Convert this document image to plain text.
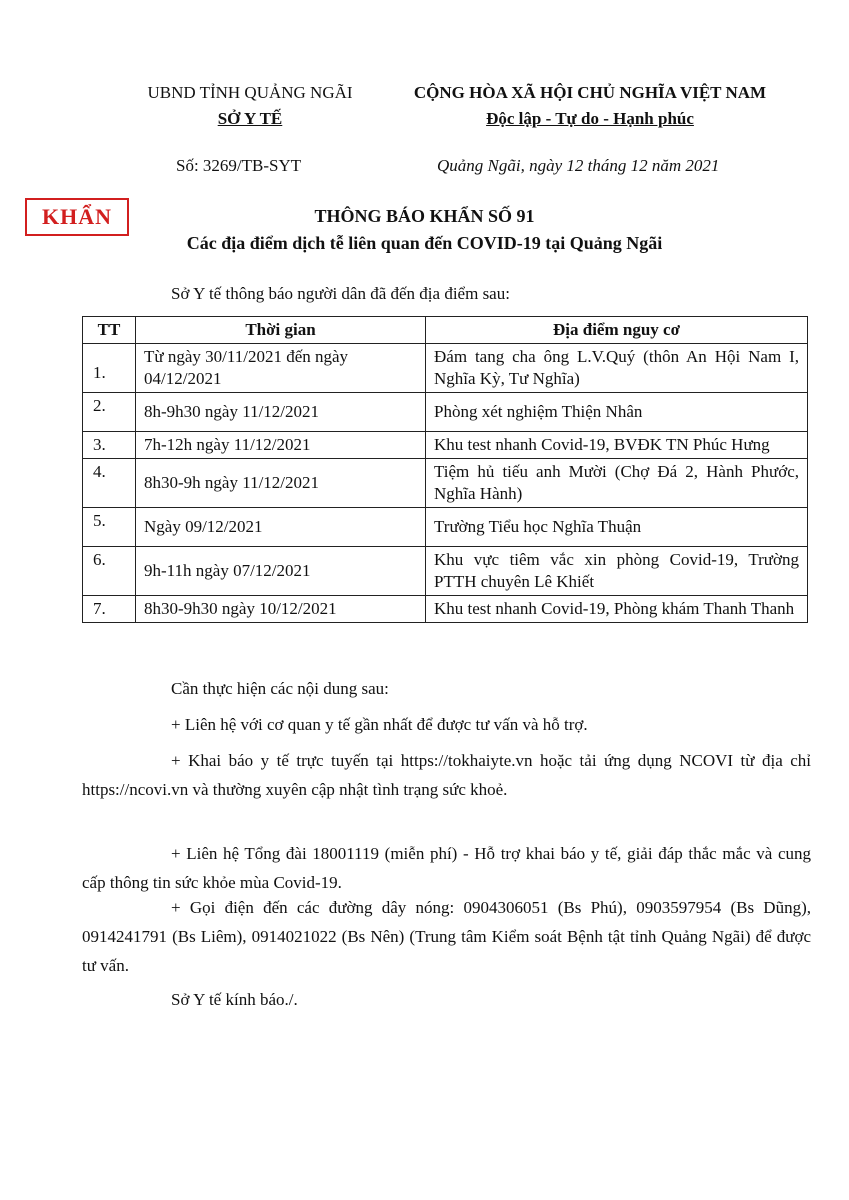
UBND TỈNH QUẢNG NGÃI
SỞ Y TẾ
CỘNG HÒA XÃ HỘI CHỦ NGHĨA VIỆT NAM
Độc lập - Tự do - Hạnh phúc
Số: 3269/TB-SYT	Quảng Ngãi, ngày 12 tháng 12 năm 2021
KHẨN	THÔNG BÁO KHẨN SỐ 91
Các địa điểm dịch tễ liên quan đến COVID-19 tại Quảng Ngãi
Sở Y tế thông báo người dân đã đến địa điểm sau:
TT	Thời gian	Địa điểm nguy cơ
1.	Từ ngày 30/11/2021 đến ngày 04/12/2021	Đám tang cha ông L.V.Quý (thôn An Hội Nam I, Nghĩa Kỳ, Tư Nghĩa)
2.	8h-9h30 ngày 11/12/2021	Phòng xét nghiệm Thiện Nhân
3.	7h-12h ngày 11/12/2021	Khu test nhanh Covid-19, BVĐK TN Phúc Hưng
4.	8h30-9h ngày 11/12/2021	Tiệm hủ tiếu anh Mười (Chợ Đá 2, Hành Phước, Nghĩa Hành)
5.	Ngày 09/12/2021	Trường Tiểu học Nghĩa Thuận
6.	9h-11h ngày 07/12/2021	Khu vực tiêm vắc xin phòng Covid-19, Trường PTTH chuyên Lê Khiết
7.	8h30-9h30 ngày 10/12/2021	Khu test nhanh Covid-19, Phòng khám Thanh Thanh
Cần thực hiện các nội dung sau:
+ Liên hệ với cơ quan y tế gần nhất để được tư vấn và hỗ trợ.
+ Khai báo y tế trực tuyến tại https://tokhaiyte.vn hoặc tải ứng dụng NCOVI từ địa chỉ https://ncovi.vn và thường xuyên cập nhật tình trạng sức khoẻ.
+ Liên hệ Tổng đài 18001119 (miễn phí) - Hỗ trợ khai báo y tế, giải đáp thắc mắc và cung cấp thông tin sức khỏe mùa Covid-19.
+ Gọi điện đến các đường dây nóng: 0904306051 (Bs Phú), 0903597954 (Bs Dũng), 0914241791 (Bs Liêm), 0914021022 (Bs Nên) (Trung tâm Kiểm soát Bệnh tật tỉnh Quảng Ngãi) để được tư vấn.
Sở Y tế kính báo./.
